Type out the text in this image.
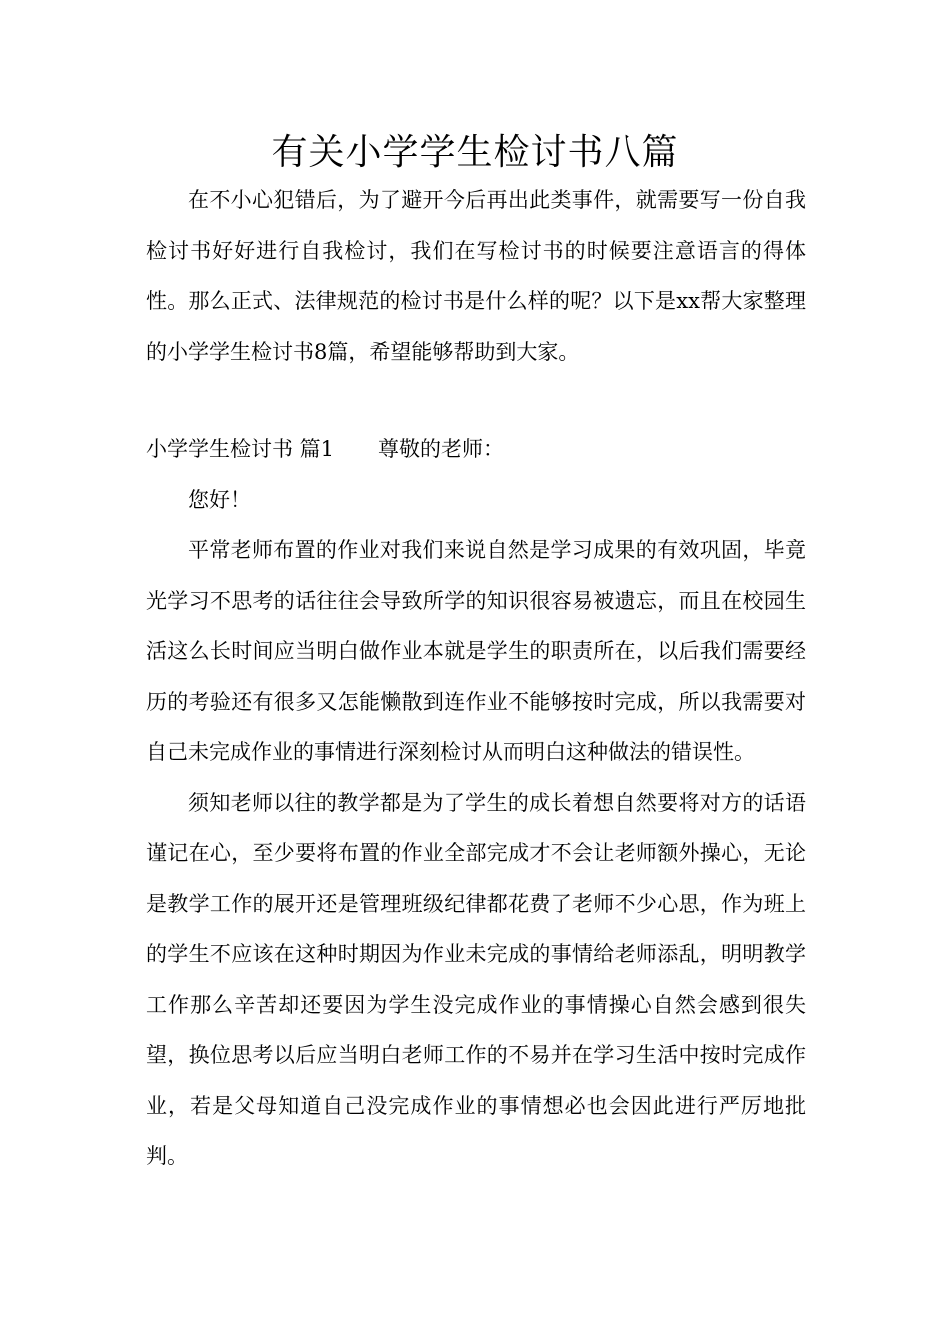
有关小学学生检讨书八篇

在不小心犯错后，为了避开今后再出此类事件，就需要写一份自我检讨书好好进行自我检讨，我们在写检讨书的时候要注意语言的得体性。那么正式、法律规范的检讨书是什么样的呢？以下是xx帮大家整理的小学学生检讨书8篇，希望能够帮助到大家。

小学学生检讨书 篇1 尊敬的老师：

您好！

平常老师布置的作业对我们来说自然是学习成果的有效巩固，毕竟光学习不思考的话往往会导致所学的知识很容易被遗忘，而且在校园生活这么长时间应当明白做作业本就是学生的职责所在，以后我们需要经历的考验还有很多又怎能懒散到连作业不能够按时完成，所以我需要对自己未完成作业的事情进行深刻检讨从而明白这种做法的错误性。

须知老师以往的教学都是为了学生的成长着想自然要将对方的话语谨记在心，至少要将布置的作业全部完成才不会让老师额外操心，无论是教学工作的展开还是管理班级纪律都花费了老师不少心思，作为班上的学生不应该在这种时期因为作业未完成的事情给老师添乱，明明教学工作那么辛苦却还要因为学生没完成作业的事情操心自然会感到很失望，换位思考以后应当明白老师工作的不易并在学习生活中按时完成作业，若是父母知道自己没完成作业的事情想必也会因此进行严厉地批判。
